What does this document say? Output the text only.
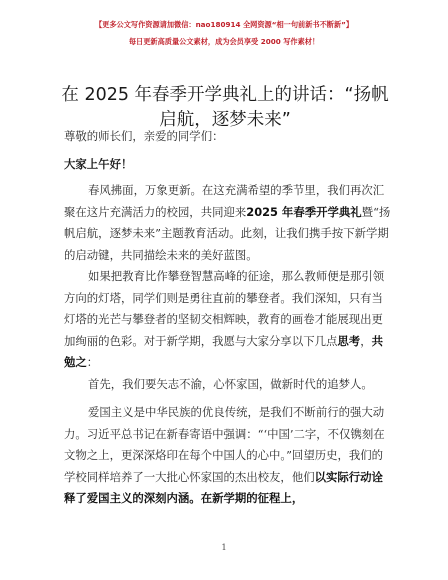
【更多公文写作资源请加微信：nao180914 全网资源“相一句前新书不断新”】
每日更新高质量公文素材，成为会员享受 2000 写作素材！
在 2025 年春季开学典礼上的讲话：“扬帆启航，逐梦未来”
尊敬的师长们，亲爱的同学们：
大家上午好！
春风拂面，万象更新。在这充满希望的季节里，我们再次汇聚在这片充满活力的校园，共同迎来2025 年春季开学典礼暨“扬帆启航，逐梦未来”主题教育活动。此刻，让我们携手按下新学期的启动键，共同描绘未来的美好蓝图。
如果把教育比作攀登智慧高峰的征途，那么教师便是那引领方向的灯塔，同学们则是勇往直前的攀登者。我们深知，只有当灯塔的光芒与攀登者的坚韧交相辉映，教育的画卷才能展现出更加绚丽的色彩。对于新学期，我愿与大家分享以下几点思考，共勉之：
首先，我们要矢志不渝，心怀家国，做新时代的追梦人。
爱国主义是中华民族的优良传统，是我们不断前行的强大动力。习近平总书记在新春寄语中强调：“‘中国’二字，不仅镌刻在文物之上，更深深烙印在每个中国人的心中。”回望历史，我们的学校同样培养了一大批心怀家国的杰出校友，他们以实际行动诠释了爱国主义的深刻内涵。在新学期的征程上，
1
